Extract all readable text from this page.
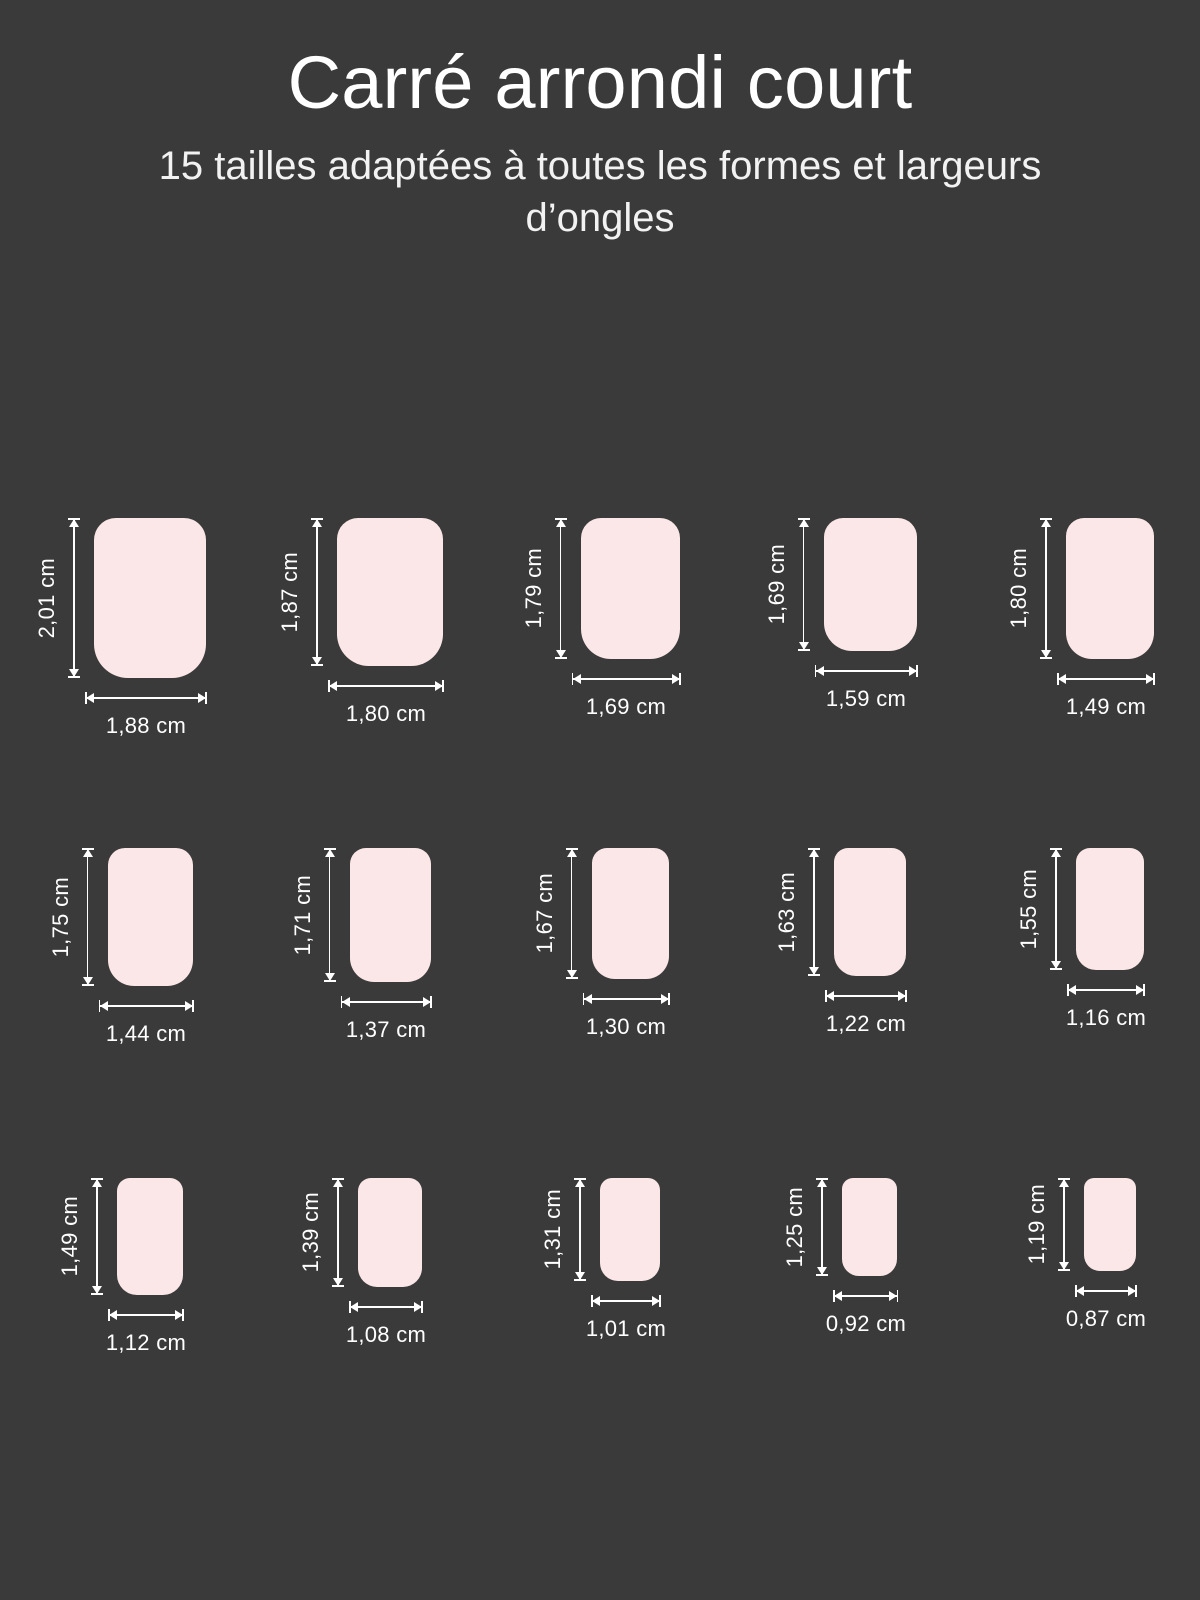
Carré arrondi court

15 tailles adaptées à toutes les formes et largeurs d’ongles

2,01 cm
1,88 cm
1,87 cm
1,80 cm
1,79 cm
1,69 cm
1,69 cm
1,59 cm
1,80 cm
1,49 cm
1,75 cm
1,44 cm
1,71 cm
1,37 cm
1,67 cm
1,30 cm
1,63 cm
1,22 cm
1,55 cm
1,16 cm
1,49 cm
1,12 cm
1,39 cm
1,08 cm
1,31 cm
1,01 cm
1,25 cm
0,92 cm
1,19 cm
0,87 cm
